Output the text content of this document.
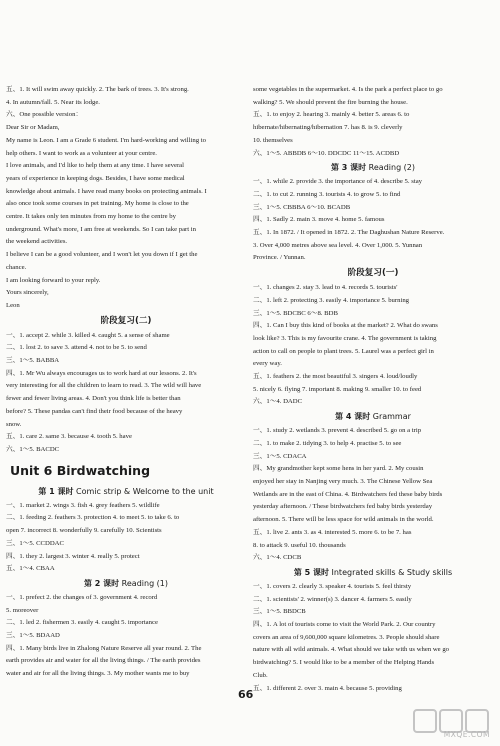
五、1. It will swim away quickly. 2. The bark of trees. 3. It's strong.

4. In autumn/fall. 5. Near its lodge.

六、One possible version：

Dear Sir or Madam,

My name is Leon. I am a Grade 6 student. I'm hard-working and willing to

help others. I want to work as a volunteer at your centre.

I love animals, and I'd like to help them at any time. I have several

years of experience in keeping dogs. Besides, I have some medical

knowledge about animals. I have read many books on protecting animals. I

also once took some courses in pet training. My home is close to the

centre. It takes only ten minutes from my home to the centre by

underground. What's more, I am free at weekends. So I can take part in

the weekend activities.

I believe I can be a good volunteer, and I won't let you down if I get the

chance.

I am looking forward to your reply.

Yours sincerely,

Leon

阶段复习(二)

一、1. accept 2. while 3. killed 4. caught 5. a sense of shame

二、1. lost 2. to save 3. attend 4. not to be 5. to send

三、1～5. BABBA

四、1. Mr Wu always encourages us to work hard at our lessons. 2. It's

very interesting for all the children to learn to read. 3. The wild will have

fewer and fewer living areas. 4. Don't you think life is better than

before? 5. These pandas can't find their food because of the heavy

snow.

五、1. care 2. same 3. because 4. tooth 5. have

六、1～5. BACDC

Unit 6 Birdwatching
第 1 课时 Comic strip & Welcome to the unit

一、1. market 2. wings 3. fish 4. grey feathers 5. wildlife

二、1. feeding 2. feathers 3. protection 4. to meet 5. to take 6. to

open 7. incorrect 8. wonderfully 9. carefully 10. Scientists

三、1～5. CCDDAC

四、1. they 2. largest 3. winter 4. really 5. protect

五、1～4. CBAA

第 2 课时 Reading (1)

一、1. prefect 2. the changes of 3. government 4. record

5. moreover

二、1. led 2. fishermen 3. easily 4. caught 5. importance

三、1～5. BDAAD

四、1. Many birds live in Zhalong Nature Reserve all year round. 2. The

earth provides air and water for all the living things. / The earth provides

water and air for all the living things. 3. My mother wants me to buy

some vegetables in the supermarket. 4. Is the park a perfect place to go

walking? 5. We should prevent the fire burning the house.

五、1. to enjoy 2. hearing 3. mainly 4. better 5. areas 6. to

hibernate/hibernating/hibernation 7. has 8. is 9. cleverly

10. themselves

六、1～5. ABBDB 6～10. DDCDC 11～15. ACDBD

第 3 课时 Reading (2)

一、1. while 2. provide 3. the importance of 4. describe 5. stay

二、1. to cut 2. running 3. tourists 4. to grow 5. to find

三、1～5. CBBBA 6～10. BCADB

四、1. Sadly 2. main 3. move 4. home 5. famous

五、1. In 1872. / It opened in 1872. 2. The Daghushan Nature Reserve.

3. Over 4,000 metres above sea level. 4. Over 1,000. 5. Yunnan

Province. / Yunnan.

阶段复习(一)

一、1. changes 2. stay 3. lead to 4. records 5. tourists'

二、1. left 2. protecting 3. easily 4. importance 5. burning

三、1～5. BDCBC 6～8. BDB

四、1. Can I buy this kind of books at the market? 2. What do swans

look like? 3. This is my favourite crane. 4. The government is taking

action to call on people to plant trees. 5. Laurel was a perfect girl in

every way.

五、1. feathers 2. the most beautiful 3. singers 4. loud/loudly

5. nicely 6. flying 7. important 8. making 9. smaller 10. to feed

六、1～4. DADC

第 4 课时 Grammar

一、1. study 2. wetlands 3. prevent 4. described 5. go on a trip

二、1. to make 2. tidying 3. to help 4. practise 5. to see

三、1～5. CDACA

四、My grandmother kept some hens in her yard. 2. My cousin

enjoyed her stay in Nanjing very much. 3. The Chinese Yellow Sea

Wetlands are in the east of China. 4. Birdwatchers fed these baby birds

yesterday afternoon. / These birdwatchers fed baby birds yesterday

afternoon. 5. There will be less space for wild animals in the world.

五、1. live 2. ants 3. as 4. interested 5. more 6. to be 7. has

8. to attack 9. useful 10. thousands

六、1～4. CDCB

第 5 课时 Integrated skills & Study skills

一、1. covers 2. clearly 3. speaker 4. tourists 5. feel thirsty

二、1. scientists' 2. winner(s) 3. dancer 4. farmers 5. easily

三、1～5. BBDCB

四、1. A lot of tourists come to visit the World Park. 2. Our country

covers an area of 9,600,000 square kilometres. 3. People should share

nature with all wild animals. 4. What should we take with us when we go

birdwatching? 5. I would like to be a member of the Helping Hands

Club.

五、1. different 2. over 3. main 4. because 5. providing

66
MXQE.COM
